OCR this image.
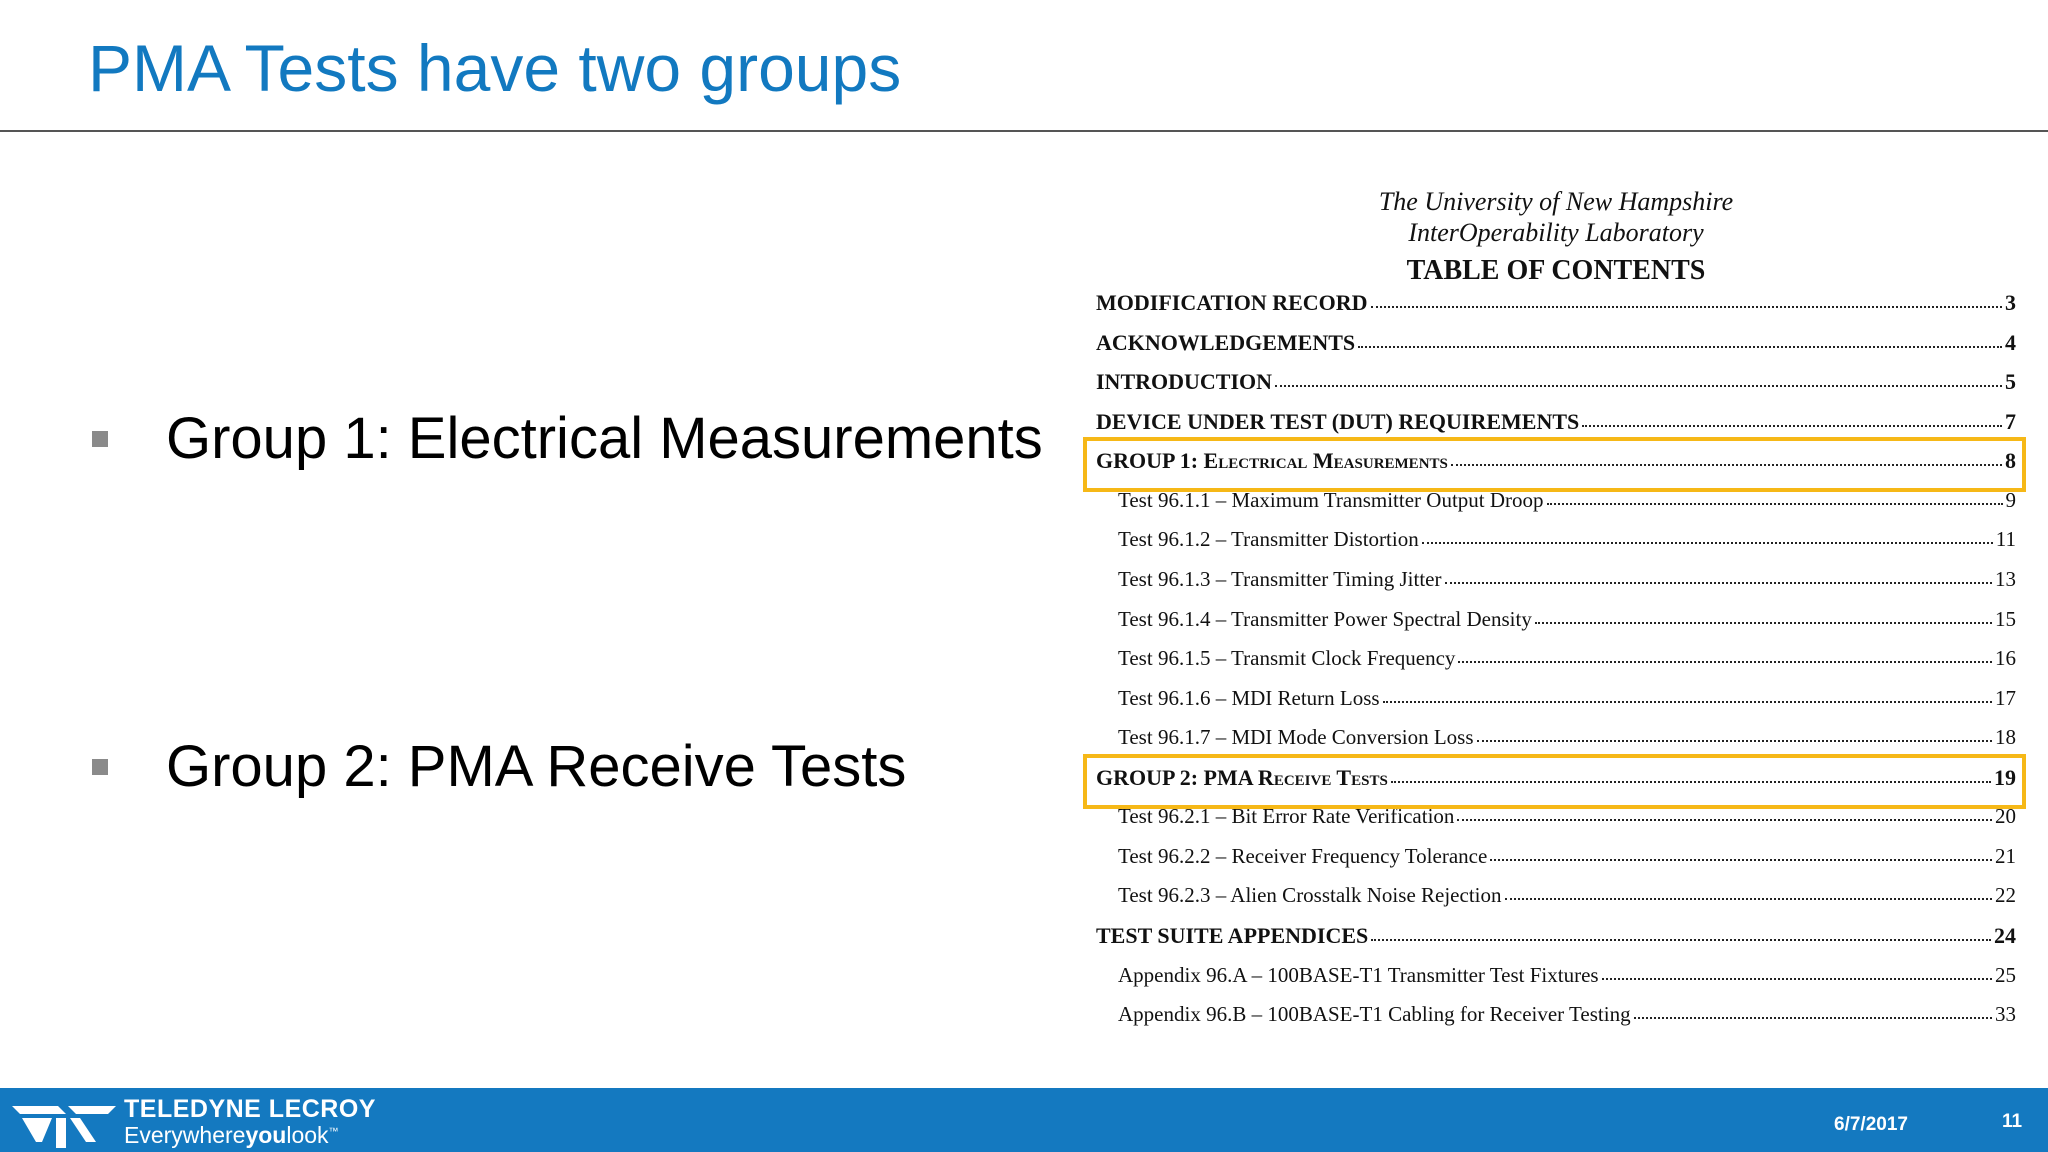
PMA Tests have two groups
Group 1: Electrical Measurements
Group 2: PMA Receive Tests
The University of New Hampshire
InterOperability Laboratory
TABLE OF CONTENTS
MODIFICATION RECORD	3
ACKNOWLEDGEMENTS	4
INTRODUCTION	5
DEVICE UNDER TEST (DUT) REQUIREMENTS	7
GROUP 1: Electrical Measurements	8
Test 96.1.1 – Maximum Transmitter Output Droop	9
Test 96.1.2 – Transmitter Distortion	11
Test 96.1.3 – Transmitter Timing Jitter	13
Test 96.1.4 – Transmitter Power Spectral Density	15
Test 96.1.5 – Transmit Clock Frequency	16
Test 96.1.6 – MDI Return Loss	17
Test 96.1.7 – MDI Mode Conversion Loss	18
GROUP 2: PMA Receive Tests	19
Test 96.2.1 – Bit Error Rate Verification	20
Test 96.2.2 – Receiver Frequency Tolerance	21
Test 96.2.3 – Alien Crosstalk Noise Rejection	22
TEST SUITE APPENDICES	24
Appendix 96.A – 100BASE-T1 Transmitter Test Fixtures	25
Appendix 96.B – 100BASE-T1 Cabling for Receiver Testing	33
TELEDYNE LECROY
Everywhereyoulook™	6/7/2017	11
